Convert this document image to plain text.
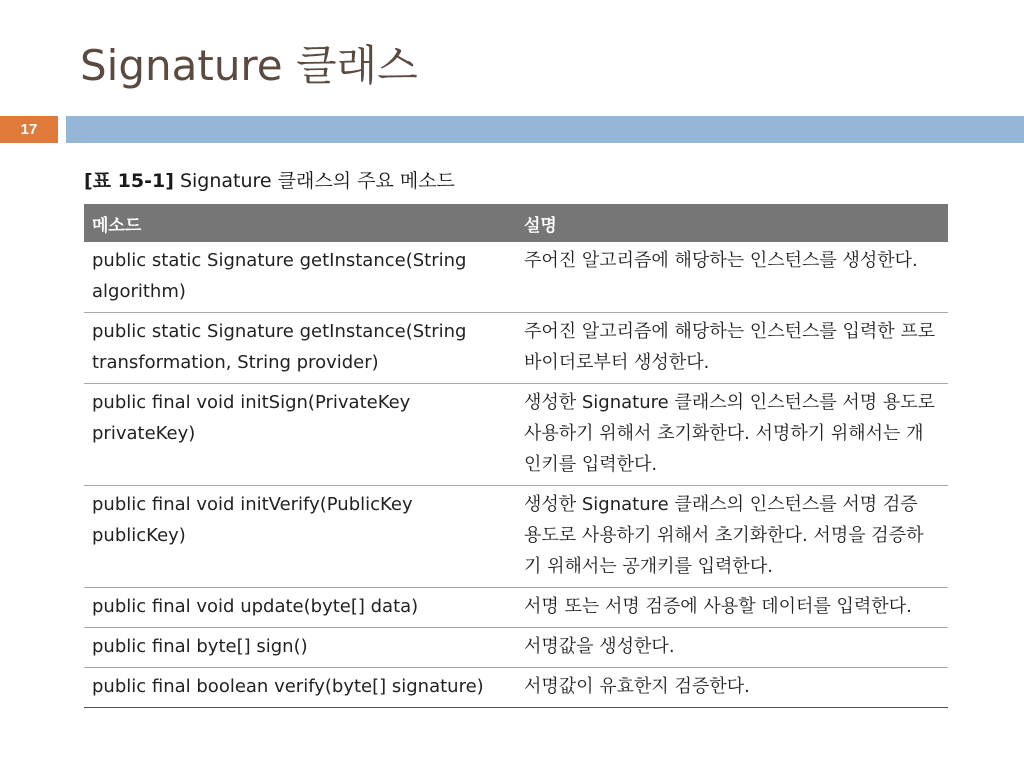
Signature 클래스
17
[표 15-1] Signature 클래스의 주요 메소드
메소드	설명
public static Signature getInstance(String algorithm)	주어진 알고리즘에 해당하는 인스턴스를 생성한다.
public static Signature getInstance(String transformation, String provider)	주어진 알고리즘에 해당하는 인스턴스를 입력한 프로바이더로부터 생성한다.
public final void initSign(PrivateKey privateKey)	생성한 Signature 클래스의 인스턴스를 서명 용도로 사용하기 위해서 초기화한다. 서명하기 위해서는 개인키를 입력한다.
public final void initVerify(PublicKey publicKey)	생성한 Signature 클래스의 인스턴스를 서명 검증 용도로 사용하기 위해서 초기화한다. 서명을 검증하기 위해서는 공개키를 입력한다.
public final void update(byte[] data)	서명 또는 서명 검증에 사용할 데이터를 입력한다.
public final byte[] sign()	서명값을 생성한다.
public final boolean verify(byte[] signature)	서명값이 유효한지 검증한다.
